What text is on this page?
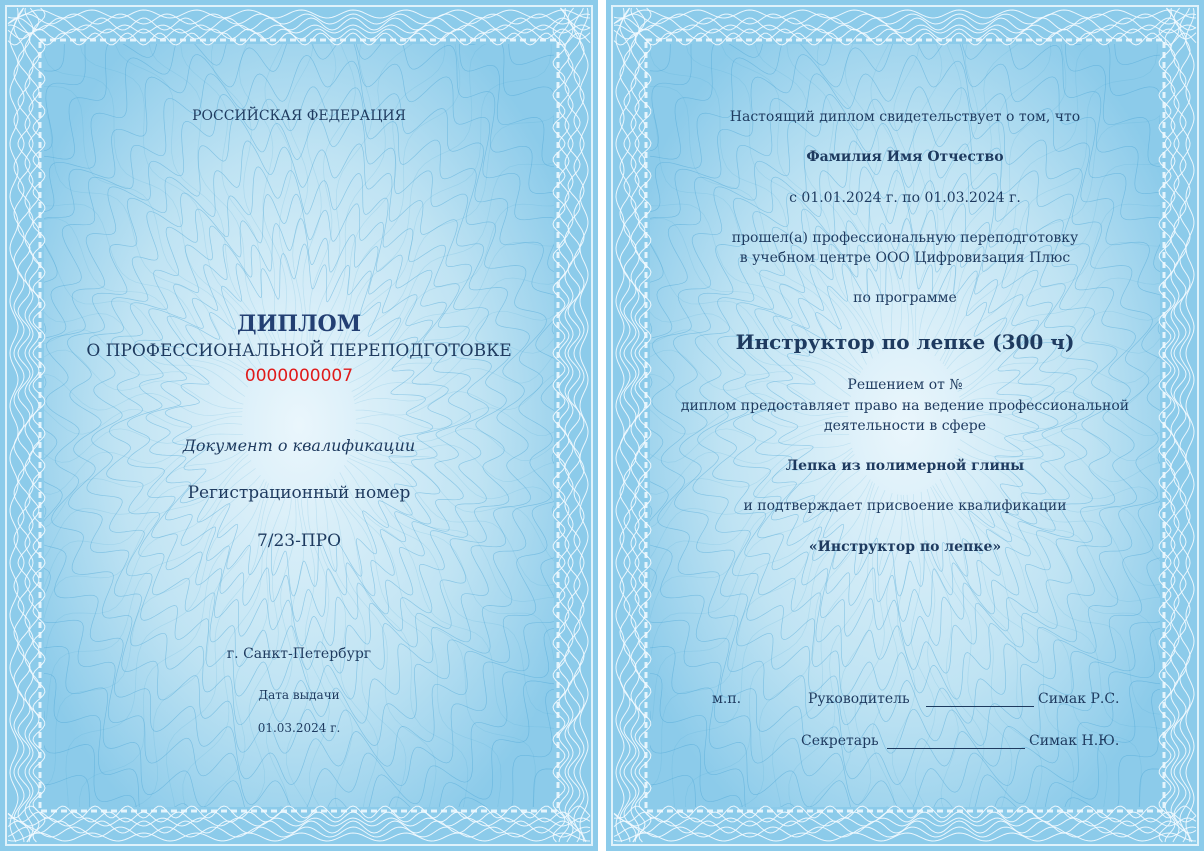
РОССИЙСКАЯ ФЕДЕРАЦИЯ
ДИПЛОМ
О ПРОФЕССИОНАЛЬНОЙ ПЕРЕПОДГОТОВКЕ
0000000007
Документ о квалификации
Регистрационный номер
7/23-ПРО
г. Санкт-Петербург
Дата выдачи
01.03.2024 г.
Настоящий диплом свидетельствует о том, что
Фамилия Имя Отчество
с 01.01.2024 г. по 01.03.2024 г.
прошел(а) профессиональную переподготовку
в учебном центре ООО Цифровизация Плюс
по программе
Инструктор по лепке (300 ч)
Решением от №
диплом предоставляет право на ведение профессиональной
деятельности в сфере
Лепка из полимерной глины
и подтверждает присвоение квалификации
«Инструктор по лепке»
м.п.	Руководитель	Симак Р.С.
Секретарь	Симак Н.Ю.
